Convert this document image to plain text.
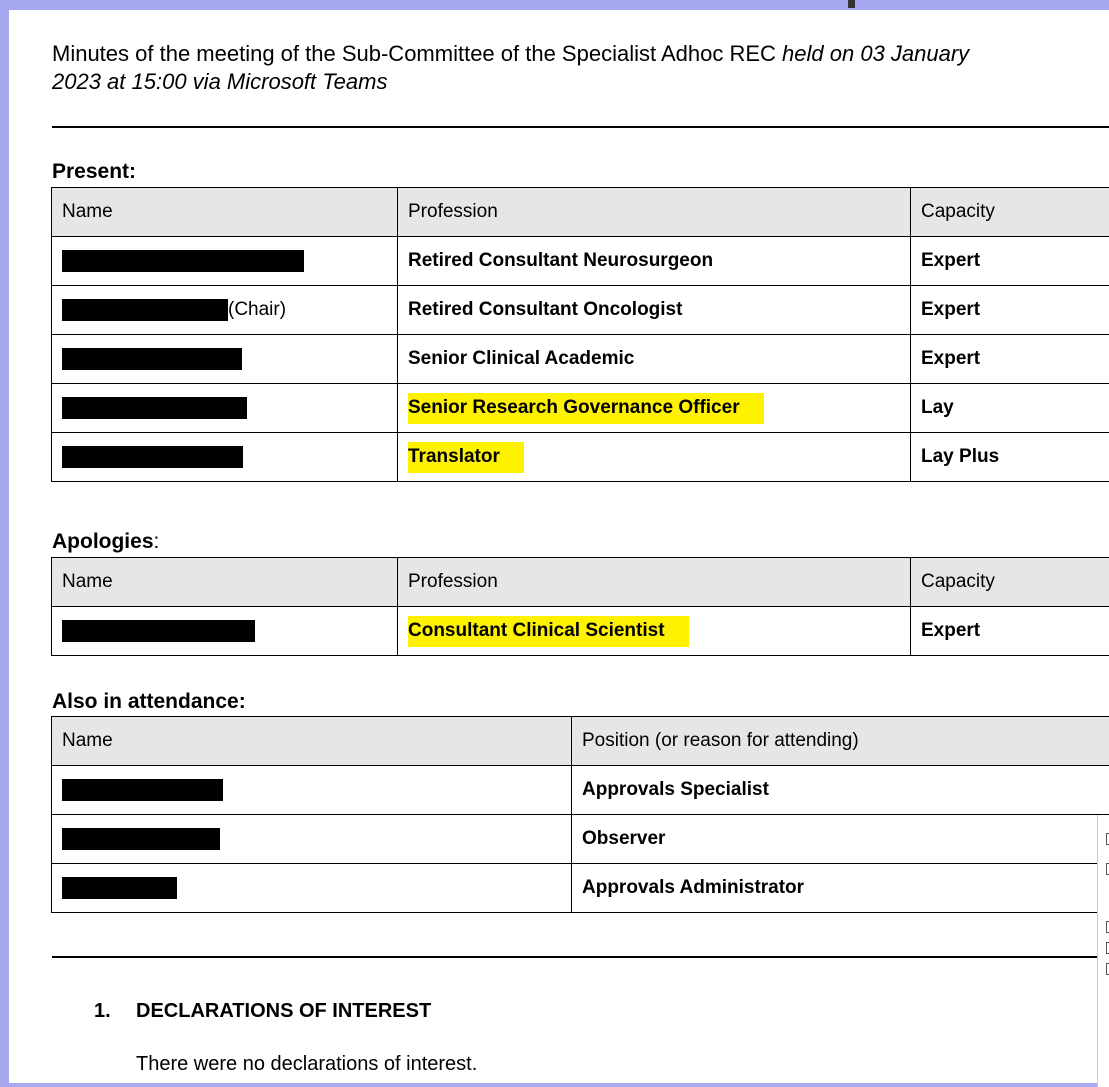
Minutes of the meeting of the Sub-Committee of the Specialist Adhoc REC held on 03 January
2023 at 15:00 via Microsoft Teams
Present:
Name	Profession	Capacity
	Retired Consultant Neurosurgeon	Expert
(Chair)	Retired Consultant Oncologist	Expert
	Senior Clinical Academic	Expert
	Senior Research Governance Officer	Lay
	Translator	Lay Plus
Apologies:
Name	Profession	Capacity
	Consultant Clinical Scientist	Expert
Also in attendance:
Name	Position (or reason for attending)
	Approvals Specialist
	Observer
	Approvals Administrator
1. DECLARATIONS OF INTEREST
There were no declarations of interest.
